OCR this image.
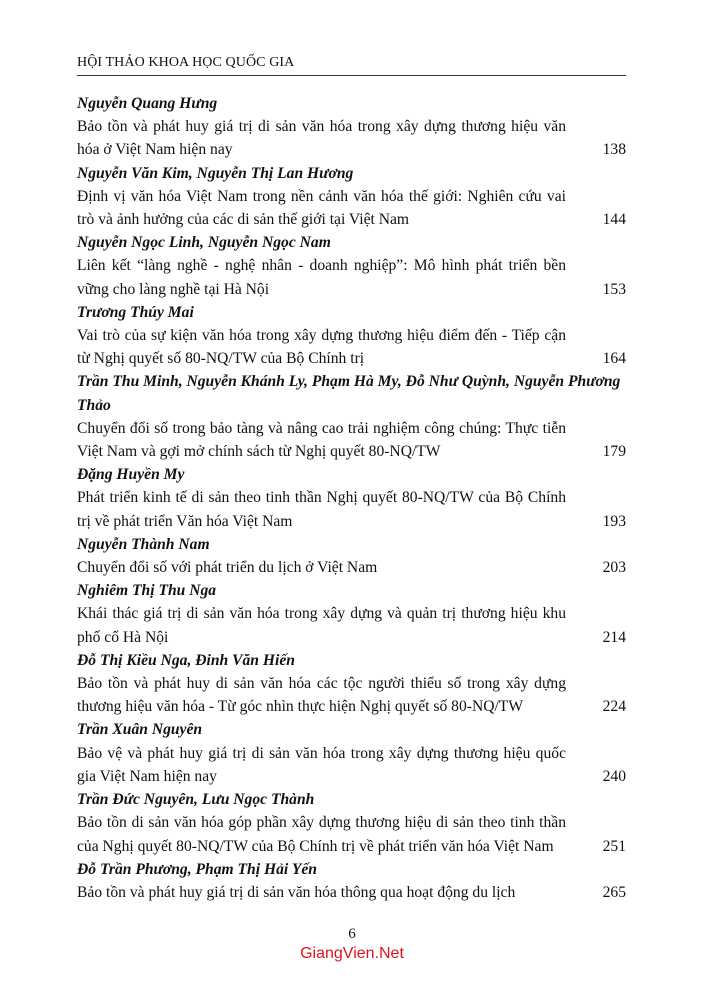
HỘI THẢO KHOA HỌC QUỐC GIA

Nguyễn Quang Hưng

Bảo tồn và phát huy giá trị di sản văn hóa trong xây dựng thương hiệu văn hóa ở Việt Nam hiện nay	138

Nguyễn Văn Kim, Nguyễn Thị Lan Hương

Định vị văn hóa Việt Nam trong nền cảnh văn hóa thế giới: Nghiên cứu vai trò và ảnh hưởng của các di sản thế giới tại Việt Nam	144

Nguyễn Ngọc Linh, Nguyễn Ngọc Nam

Liên kết “làng nghề - nghệ nhân - doanh nghiệp”: Mô hình phát triển bền vững cho làng nghề tại Hà Nội	153

Trương Thúy Mai

Vai trò của sự kiện văn hóa trong xây dựng thương hiệu điểm đến - Tiếp cận từ Nghị quyết số 80-NQ/TW của Bộ Chính trị	164

Trần Thu Minh, Nguyễn Khánh Ly, Phạm Hà My, Đỗ Như Quỳnh, Nguyễn Phương Thảo

Chuyển đổi số trong bảo tàng và nâng cao trải nghiệm công chúng: Thực tiễn Việt Nam và gợi mở chính sách từ Nghị quyết 80-NQ/TW	179

Đặng Huyền My

Phát triển kinh tế di sản theo tinh thần Nghị quyết 80-NQ/TW của Bộ Chính trị về phát triển Văn hóa Việt Nam	193

Nguyễn Thành Nam

Chuyển đổi số với phát triển du lịch ở Việt Nam	203

Nghiêm Thị Thu Nga

Khái thác giá trị di sản văn hóa trong xây dựng và quản trị thương hiệu khu phố cổ Hà Nội	214

Đỗ Thị Kiều Nga, Đinh Văn Hiến

Bảo tồn và phát huy di sản văn hóa các tộc người thiểu số trong xây dựng thương hiệu văn hóa - Từ góc nhìn thực hiện Nghị quyết số 80-NQ/TW	224

Trần Xuân Nguyên

Bảo vệ và phát huy giá trị di sản văn hóa trong xây dựng thương hiệu quốc gia Việt Nam hiện nay	240

Trần Đức Nguyên, Lưu Ngọc Thành

Bảo tồn di sản văn hóa góp phần xây dựng thương hiệu di sản theo tinh thần của Nghị quyết 80-NQ/TW của Bộ Chính trị về phát triển văn hóa Việt Nam	251

Đỗ Trần Phương, Phạm Thị Hải Yến

Bảo tồn và phát huy giá trị di sản văn hóa thông qua hoạt động du lịch	265
6
GiangVien.Net
